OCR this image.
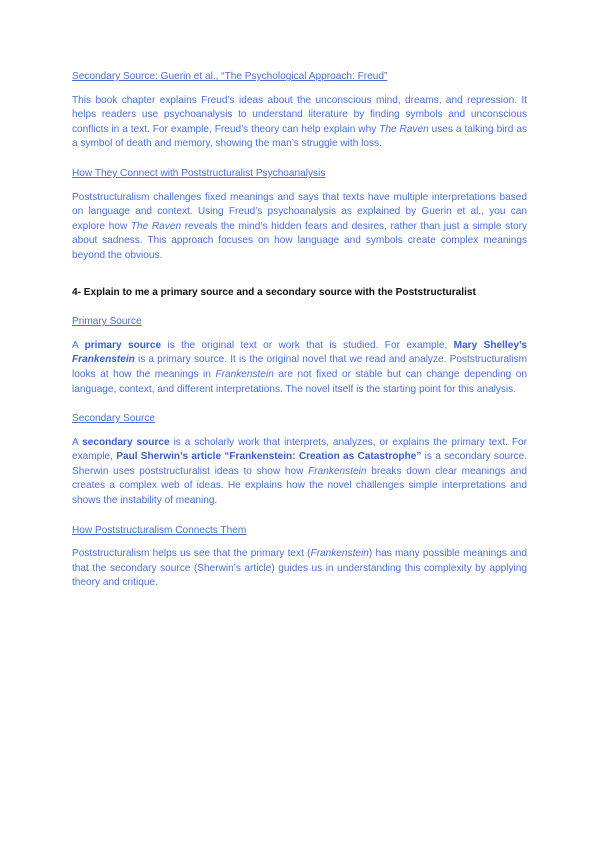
Secondary Source: Guerin et al., “The Psychological Approach: Freud”

This book chapter explains Freud’s ideas about the unconscious mind, dreams, and repression. It helps readers use psychoanalysis to understand literature by finding symbols and unconscious conflicts in a text. For example, Freud’s theory can help explain why The Raven uses a talking bird as a symbol of death and memory, showing the man’s struggle with loss.

How They Connect with Poststructuralist Psychoanalysis

Poststructuralism challenges fixed meanings and says that texts have multiple interpretations based on language and context. Using Freud’s psychoanalysis as explained by Guerin et al., you can explore how The Raven reveals the mind’s hidden fears and desires, rather than just a simple story about sadness. This approach focuses on how language and symbols create complex meanings beyond the obvious.

4- Explain to me a primary source and a secondary source with the Poststructuralist
Primary Source

A primary source is the original text or work that is studied. For example, Mary Shelley’s Frankenstein is a primary source. It is the original novel that we read and analyze. Poststructuralism looks at how the meanings in Frankenstein are not fixed or stable but can change depending on language, context, and different interpretations. The novel itself is the starting point for this analysis.

Secondary Source

A secondary source is a scholarly work that interprets, analyzes, or explains the primary text. For example, Paul Sherwin’s article “Frankenstein: Creation as Catastrophe” is a secondary source. Sherwin uses poststructuralist ideas to show how Frankenstein breaks down clear meanings and creates a complex web of ideas. He explains how the novel challenges simple interpretations and shows the instability of meaning.

How Poststructuralism Connects Them

Poststructuralism helps us see that the primary text (Frankenstein) has many possible meanings and that the secondary source (Sherwin’s article) guides us in understanding this complexity by applying theory and critique.
